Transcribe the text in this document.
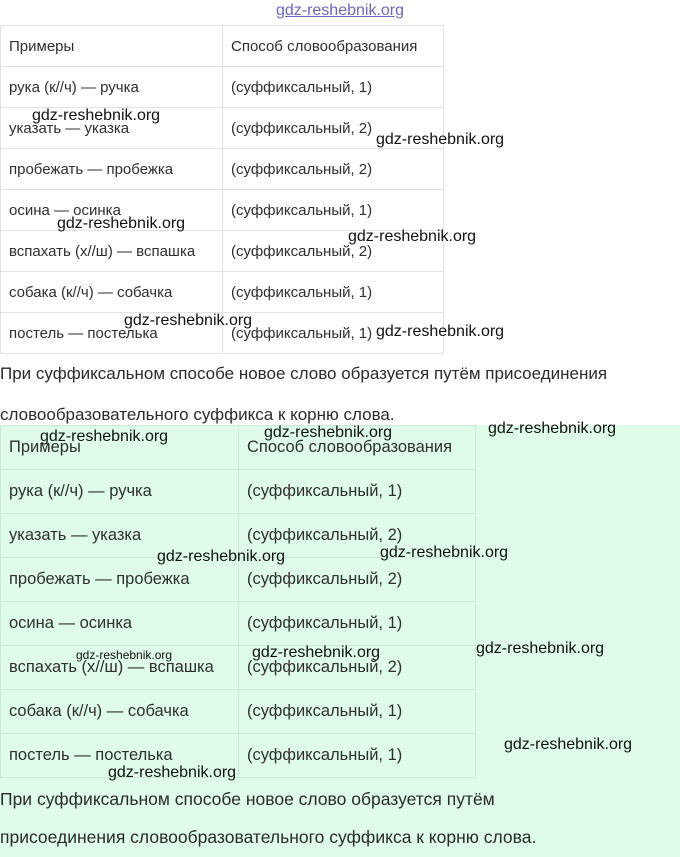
gdz-reshebnik.org
Примеры	Способ словообразования
рука (к//ч) — ручка	(суффиксальный, 1)
указать — указка	(суффиксальный, 2)
пробежать — пробежка	(суффиксальный, 2)
осина — осинка	(суффиксальный, 1)
вспахать (х//ш) — вспашка	(суффиксальный, 2)
собака (к//ч) — собачка	(суффиксальный, 1)
постель — постелька	(суффиксальный, 1)
При суффиксальном способе новое слово образуется путём присоединения
словообразовательного суффикса к корню слова.
Примеры	Способ словообразования
рука (к//ч) — ручка	(суффиксальный, 1)
указать — указка	(суффиксальный, 2)
пробежать — пробежка	(суффиксальный, 2)
осина — осинка	(суффиксальный, 1)
вспахать (х//ш) — вспашка	(суффиксальный, 2)
собака (к//ч) — собачка	(суффиксальный, 1)
постель — постелька	(суффиксальный, 1)
При суффиксальном способе новое слово образуется путём
присоединения словообразовательного суффикса к корню слова.
gdz-reshebnik.org
gdz-reshebnik.org
gdz-reshebnik.org
gdz-reshebnik.org
gdz-reshebnik.org
gdz-reshebnik.org
gdz-reshebnik.org	gdz-reshebnik.org	gdz-reshebnik.org
gdz-reshebnik.org	gdz-reshebnik.org
gdz-reshebnik.org	gdz-reshebnik.org	gdz-reshebnik.org
gdz-reshebnik.org
gdz-reshebnik.org
